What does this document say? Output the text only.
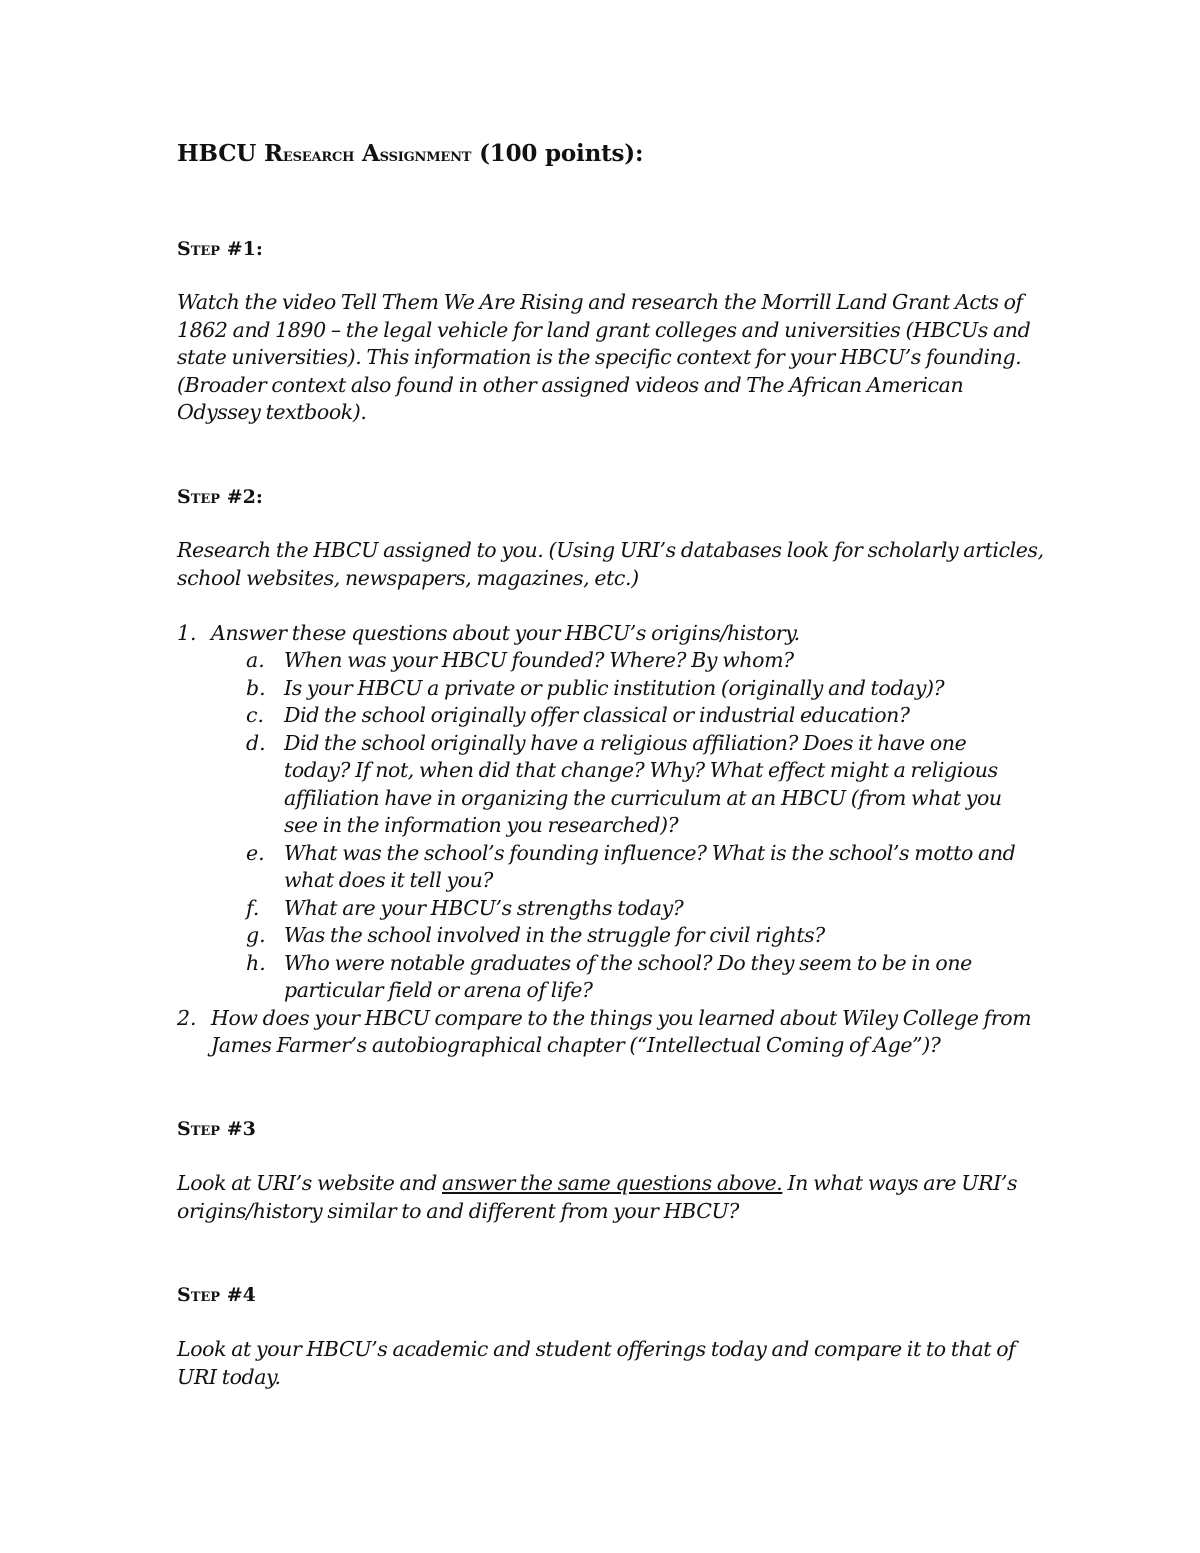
HBCU Research Assignment (100 points):
Step #1:
Watch the video Tell Them We Are Rising and research the Morrill Land Grant Acts of
1862 and 1890 – the legal vehicle for land grant colleges and universities (HBCUs and
state universities). This information is the specific context for your HBCU’s founding.
(Broader context also found in other assigned videos and The African American
Odyssey textbook).
Step #2:
Research the HBCU assigned to you. (Using URI’s databases look for scholarly articles,
school websites, newspapers, magazines, etc.)
1. Answer these questions about your HBCU’s origins/history.
a. When was your HBCU founded? Where? By whom?
b. Is your HBCU a private or public institution (originally and today)?
c. Did the school originally offer classical or industrial education?
d. Did the school originally have a religious affiliation? Does it have one
today? If not, when did that change? Why? What effect might a religious
affiliation have in organizing the curriculum at an HBCU (from what you
see in the information you researched)?
e. What was the school’s founding influence? What is the school’s motto and
what does it tell you?
f. What are your HBCU’s strengths today?
g. Was the school involved in the struggle for civil rights?
h. Who were notable graduates of the school? Do they seem to be in one
particular field or arena of life?
2. How does your HBCU compare to the things you learned about Wiley College from
James Farmer’s autobiographical chapter (“Intellectual Coming of Age”)?
Step #3
Look at URI’s website and answer the same questions above. In what ways are URI’s
origins/history similar to and different from your HBCU?
Step #4
Look at your HBCU’s academic and student offerings today and compare it to that of
URI today.
